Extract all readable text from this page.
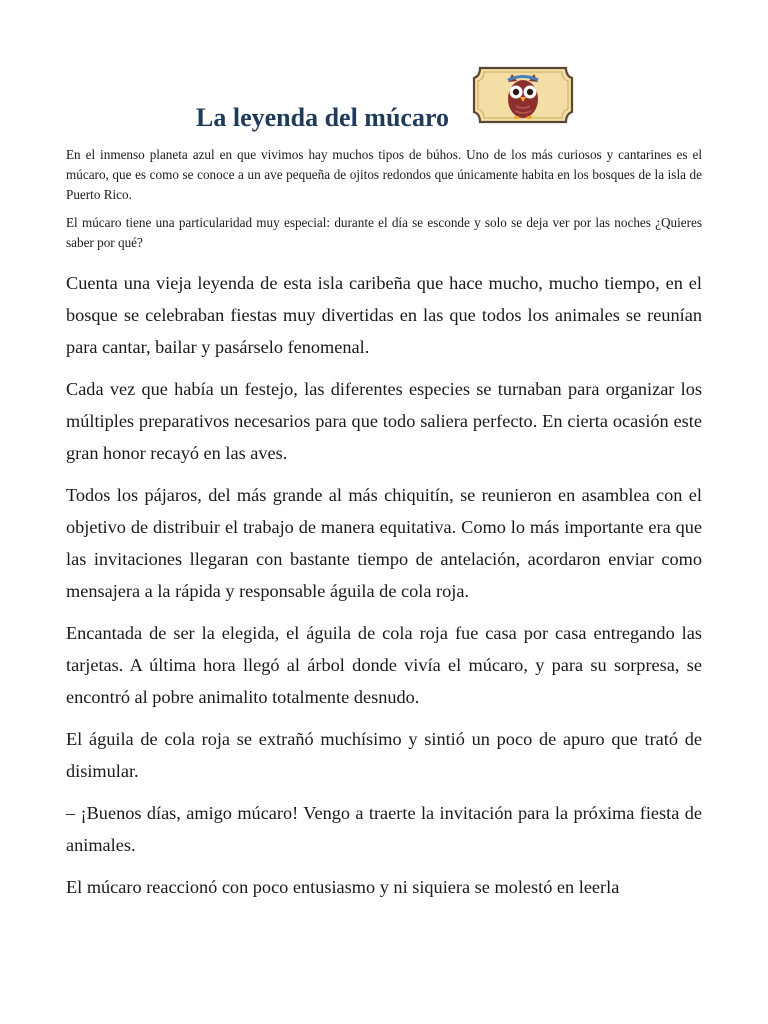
La leyenda del múcaro

En el inmenso planeta azul en que vivimos hay muchos tipos de búhos. Uno de los más curiosos y cantarines es el múcaro, que es como se conoce a un ave pequeña de ojitos redondos que únicamente habita en los bosques de la isla de Puerto Rico.

El múcaro tiene una particularidad muy especial: durante el día se esconde y solo se deja ver por las noches ¿Quieres saber por qué?

Cuenta una vieja leyenda de esta isla caribeña que hace mucho, mucho tiempo, en el bosque se celebraban fiestas muy divertidas en las que todos los animales se reunían para cantar, bailar y pasárselo fenomenal.

Cada vez que había un festejo, las diferentes especies se turnaban para organizar los múltiples preparativos necesarios para que todo saliera perfecto. En cierta ocasión este gran honor recayó en las aves.

Todos los pájaros, del más grande al más chiquitín, se reunieron en asamblea con el objetivo de distribuir el trabajo de manera equitativa. Como lo más importante era que las invitaciones llegaran con bastante tiempo de antelación, acordaron enviar como mensajera a la rápida y responsable águila de cola roja.

Encantada de ser la elegida, el águila de cola roja fue casa por casa entregando las tarjetas. A última hora llegó al árbol donde vivía el múcaro, y para su sorpresa, se encontró al pobre animalito totalmente desnudo.

El águila de cola roja se extrañó muchísimo y sintió un poco de apuro que trató de disimular.

– ¡Buenos días, amigo múcaro! Vengo a traerte la invitación para la próxima fiesta de animales.

El múcaro reaccionó con poco entusiasmo y ni siquiera se molestó en leerla
